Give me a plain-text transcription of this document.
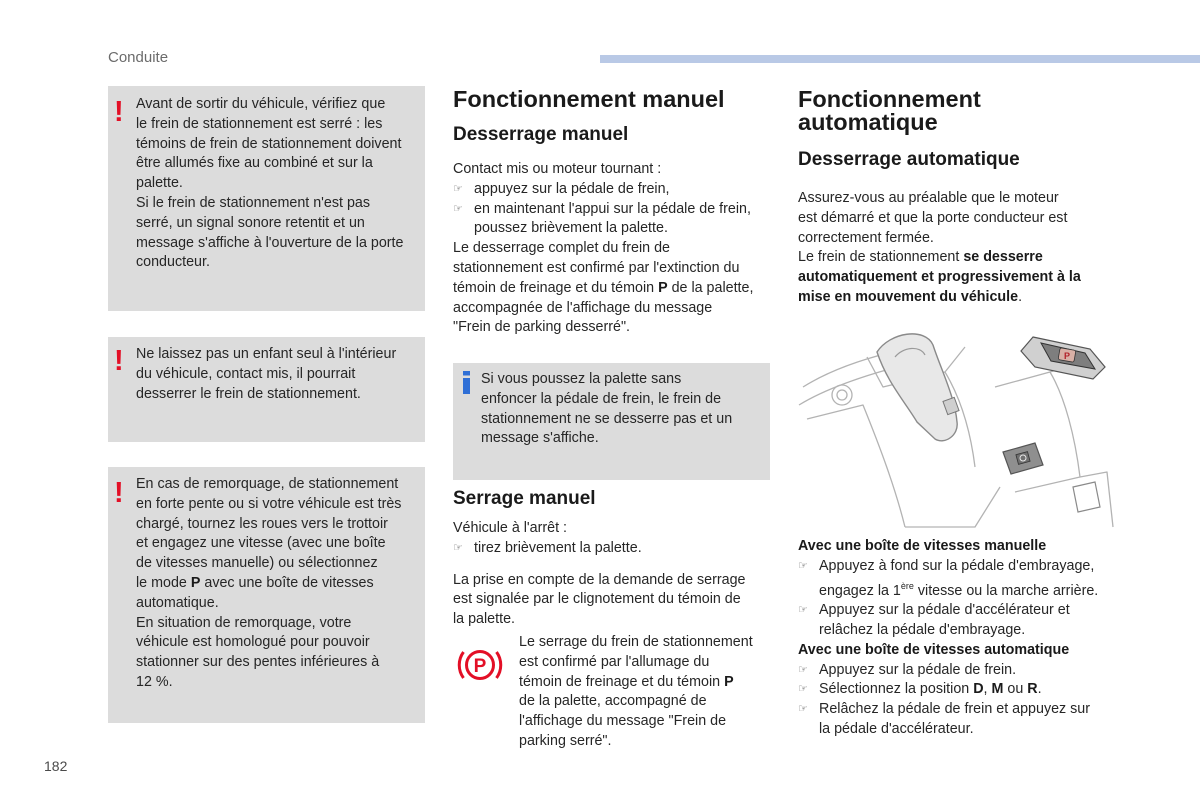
Conduite
! Avant de sortir du véhicule, vérifiez que

le frein de stationnement est serré : les

témoins de frein de stationnement doivent

être allumés fixe au combiné et sur la

palette.

Si le frein de stationnement n'est pas

serré, un signal sonore retentit et un

message s'affiche à l'ouverture de la porte

conducteur.

! Ne laissez pas un enfant seul à l'intérieur

du véhicule, contact mis, il pourrait

desserrer le frein de stationnement.

! En cas de remorquage, de stationnement

en forte pente ou si votre véhicule est très

chargé, tournez les roues vers le trottoir

et engagez une vitesse (avec une boîte

de vitesses manuelle) ou sélectionnez

le mode P avec une boîte de vitesses

automatique.

En situation de remorquage, votre

véhicule est homologué pour pouvoir

stationner sur des pentes inférieures à

12 %.

Fonctionnement manuel
Desserrage manuel

Contact mis ou moteur tournant :

☞ appuyez sur la pédale de frein,
☞ en maintenant l'appui sur la pédale de frein,
poussez brièvement la palette.

Le desserrage complet du frein de

stationnement est confirmé par l'extinction du

témoin de freinage et du témoin P de la palette,

accompagnée de l'affichage du message

"Frein de parking desserré".

Si vous poussez la palette sans

enfoncer la pédale de frein, le frein de

stationnement ne se desserre pas et un

message s'affiche.

Serrage manuel

Véhicule à l'arrêt :

☞ tirez brièvement la palette.

La prise en compte de la demande de serrage

est signalée par le clignotement du témoin de

la palette.

P

Le serrage du frein de stationnement

est confirmé par l'allumage du

témoin de freinage et du témoin P

de la palette, accompagné de

l'affichage du message "Frein de

parking serré".

Fonctionnement
automatique
Desserrage automatique

Assurez-vous au préalable que le moteur

est démarré et que la porte conducteur est

correctement fermée.

Le frein de stationnement se desserre

automatiquement et progressivement à la

mise en mouvement du véhicule.

P

Avec une boîte de vitesses manuelle

☞ Appuyez à fond sur la pédale d'embrayage,
engagez la 1ère vitesse ou la marche arrière.
☞ Appuyez sur la pédale d'accélérateur et
relâchez la pédale d'embrayage.

Avec une boîte de vitesses automatique

☞ Appuyez sur la pédale de frein.
☞ Sélectionnez la position D, M ou R.
☞ Relâchez la pédale de frein et appuyez sur
la pédale d'accélérateur.
182
